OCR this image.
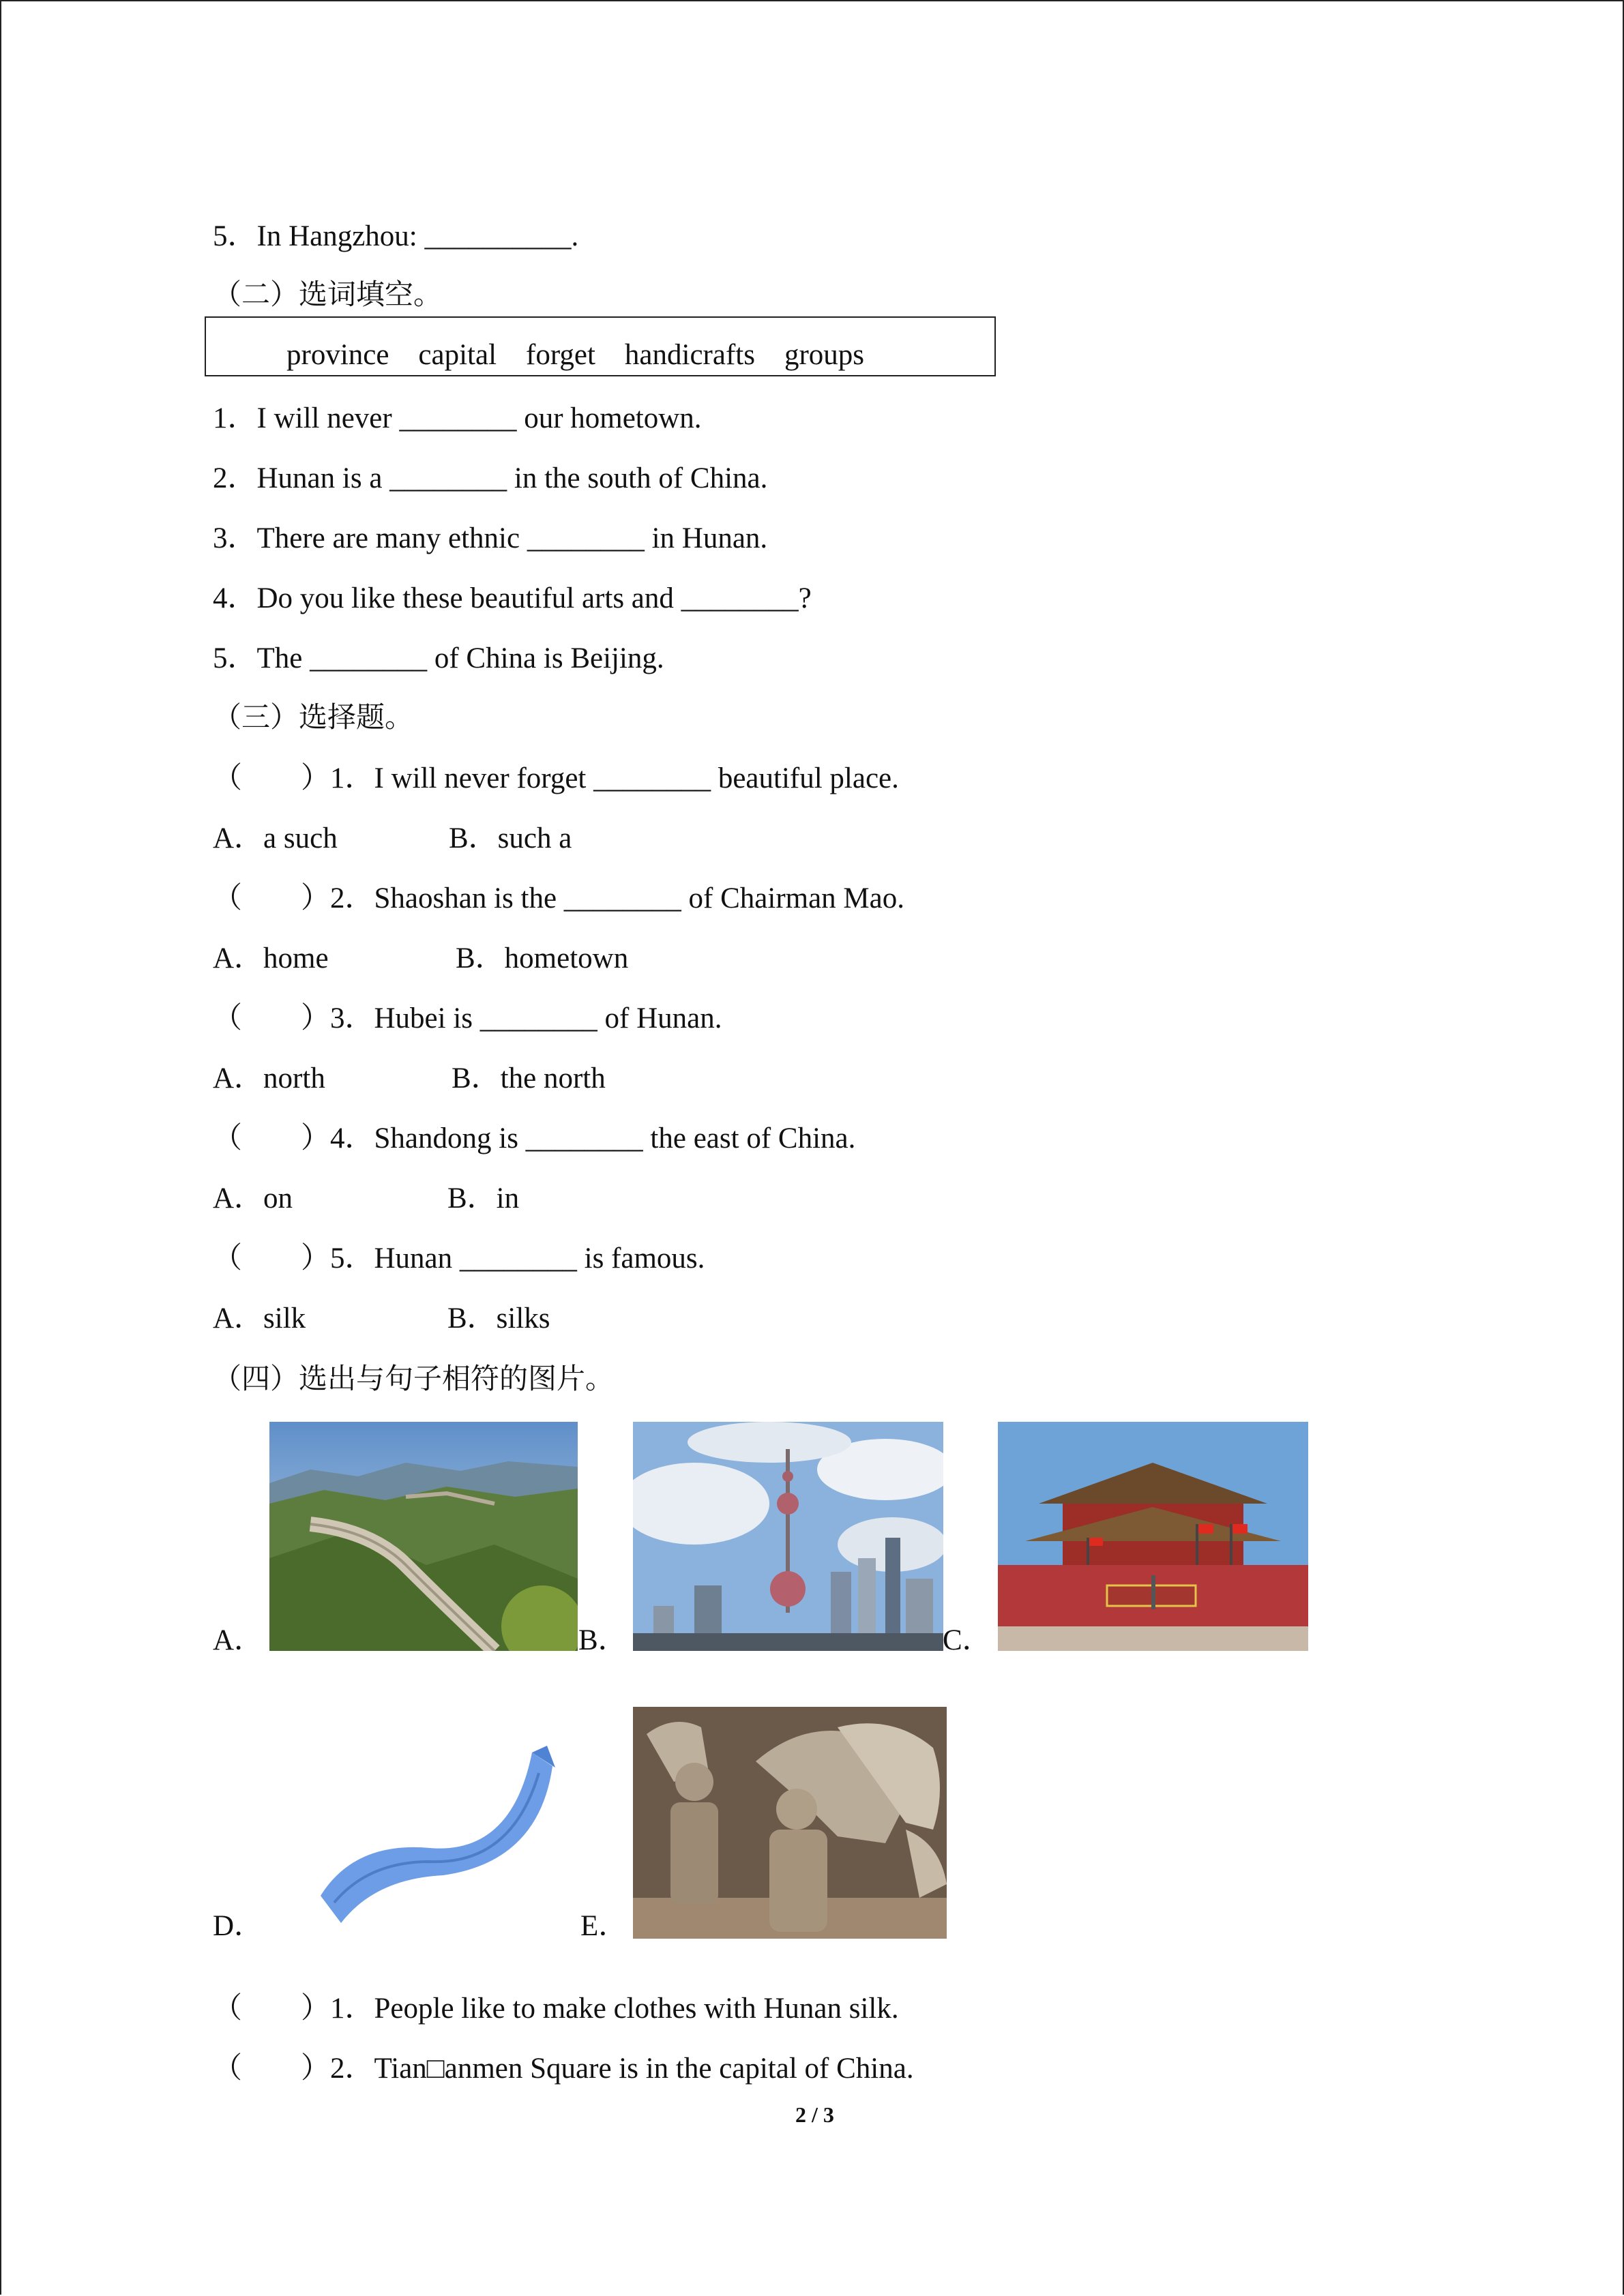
5．In Hangzhou: __________.
（二）选词填空。
province    capital    forget    handicrafts    groups
1．I will never ________ our hometown.
2．Hunan is a ________ in the south of China.
3．There are many ethnic ________ in Hunan.
4．Do you like these beautiful arts and ________?
5．The ________ of China is Beijing.
（三）选择题。
（        ）1．I will never forget ________ beautiful place.
A．a such	B．such a
（        ）2．Shaoshan is the ________ of Chairman Mao.
A．home	B．hometown
（        ）3．Hubei is ________ of Hunan.
A．north	B．the north
（        ）4．Shandong is ________ the east of China.
A．on	B．in
（        ）5．Hunan ________ is famous.
A．silk	B．silks
（四）选出与句子相符的图片。
A．	B．	C．
D．	E．
（        ）1．People like to make clothes with Hunan silk.
（        ）2．Tian□anmen Square is in the capital of China.
2 / 3
